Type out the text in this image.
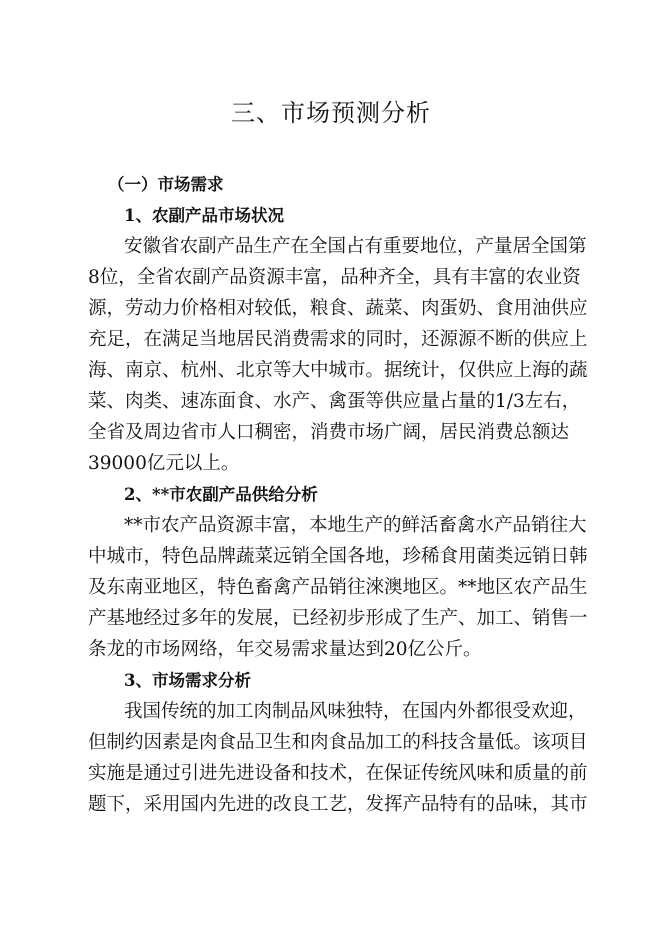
三、市场预测分析
（一）市场需求
1、农副产品市场状况
安徽省农副产品生产在全国占有重要地位，产量居全国第
8位，全省农副产品资源丰富，品种齐全，具有丰富的农业资
源，劳动力价格相对较低，粮食、蔬菜、肉蛋奶、食用油供应
充足，在满足当地居民消费需求的同时，还源源不断的供应上
海、南京、杭州、北京等大中城市。据统计，仅供应上海的蔬
菜、肉类、速冻面食、水产、禽蛋等供应量占量的1/3左右，
全省及周边省市人口稠密，消费市场广阔，居民消费总额达
39000亿元以上。
2、**市农副产品供给分析
**市农产品资源丰富，本地生产的鲜活畜禽水产品销往大
中城市，特色品牌蔬菜远销全国各地，珍稀食用菌类远销日韩
及东南亚地区，特色畜禽产品销往淶澳地区。**地区农产品生
产基地经过多年的发展，已经初步形成了生产、加工、销售一
条龙的市场网络，年交易需求量达到20亿公斤。
3、市场需求分析
我国传统的加工肉制品风味独特，在国内外都很受欢迎，
但制约因素是肉食品卫生和肉食品加工的科技含量低。该项目
实施是通过引进先进设备和技术，在保证传统风味和质量的前
题下，采用国内先进的改良工艺，发挥产品特有的品味，其市
